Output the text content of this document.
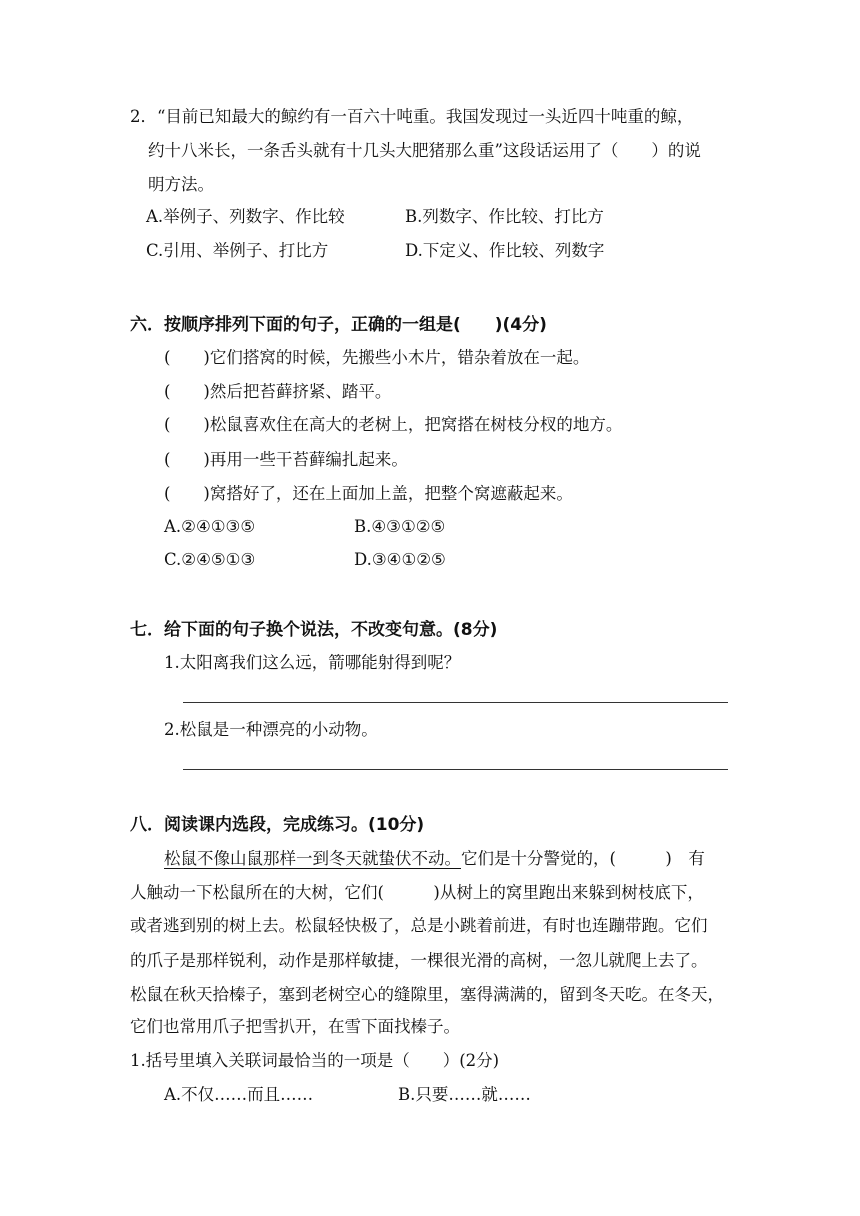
2．“目前已知最大的鲸约有一百六十吨重。我国发现过一头近四十吨重的鲸，
约十八米长，一条舌头就有十几头大肥猪那么重”这段话运用了（　　）的说
明方法。
A.举例子、列数字、作比较	B.列数字、作比较、打比方
C.引用、举例子、打比方	D.下定义、作比较、列数字
六．按顺序排列下面的句子，正确的一组是(　　)(4分)
(　　)它们搭窝的时候，先搬些小木片，错杂着放在一起。
(　　)然后把苔藓挤紧、踏平。
(　　)松鼠喜欢住在高大的老树上，把窝搭在树枝分杈的地方。
(　　)再用一些干苔藓编扎起来。
(　　)窝搭好了，还在上面加上盖，把整个窝遮蔽起来。
A.②④①③⑤	B.④③①②⑤
C.②④⑤①③	D.③④①②⑤
七．给下面的句子换个说法，不改变句意。(8分)
1.太阳离我们这么远，箭哪能射得到呢？
2.松鼠是一种漂亮的小动物。
八．阅读课内选段，完成练习。(10分)
松鼠不像山鼠那样一到冬天就蛰伏不动。它们是十分警觉的，(　　　)　有
人触动一下松鼠所在的大树，它们(　　　)从树上的窝里跑出来躲到树枝底下，
或者逃到别的树上去。松鼠轻快极了，总是小跳着前进，有时也连蹦带跑。它们
的爪子是那样锐利，动作是那样敏捷，一棵很光滑的高树，一忽儿就爬上去了。
松鼠在秋天拾榛子，塞到老树空心的缝隙里，塞得满满的，留到冬天吃。在冬天，
它们也常用爪子把雪扒开，在雪下面找榛子。
1.括号里填入关联词最恰当的一项是（　　）(2分)
A.不仅……而且……	B.只要……就……
